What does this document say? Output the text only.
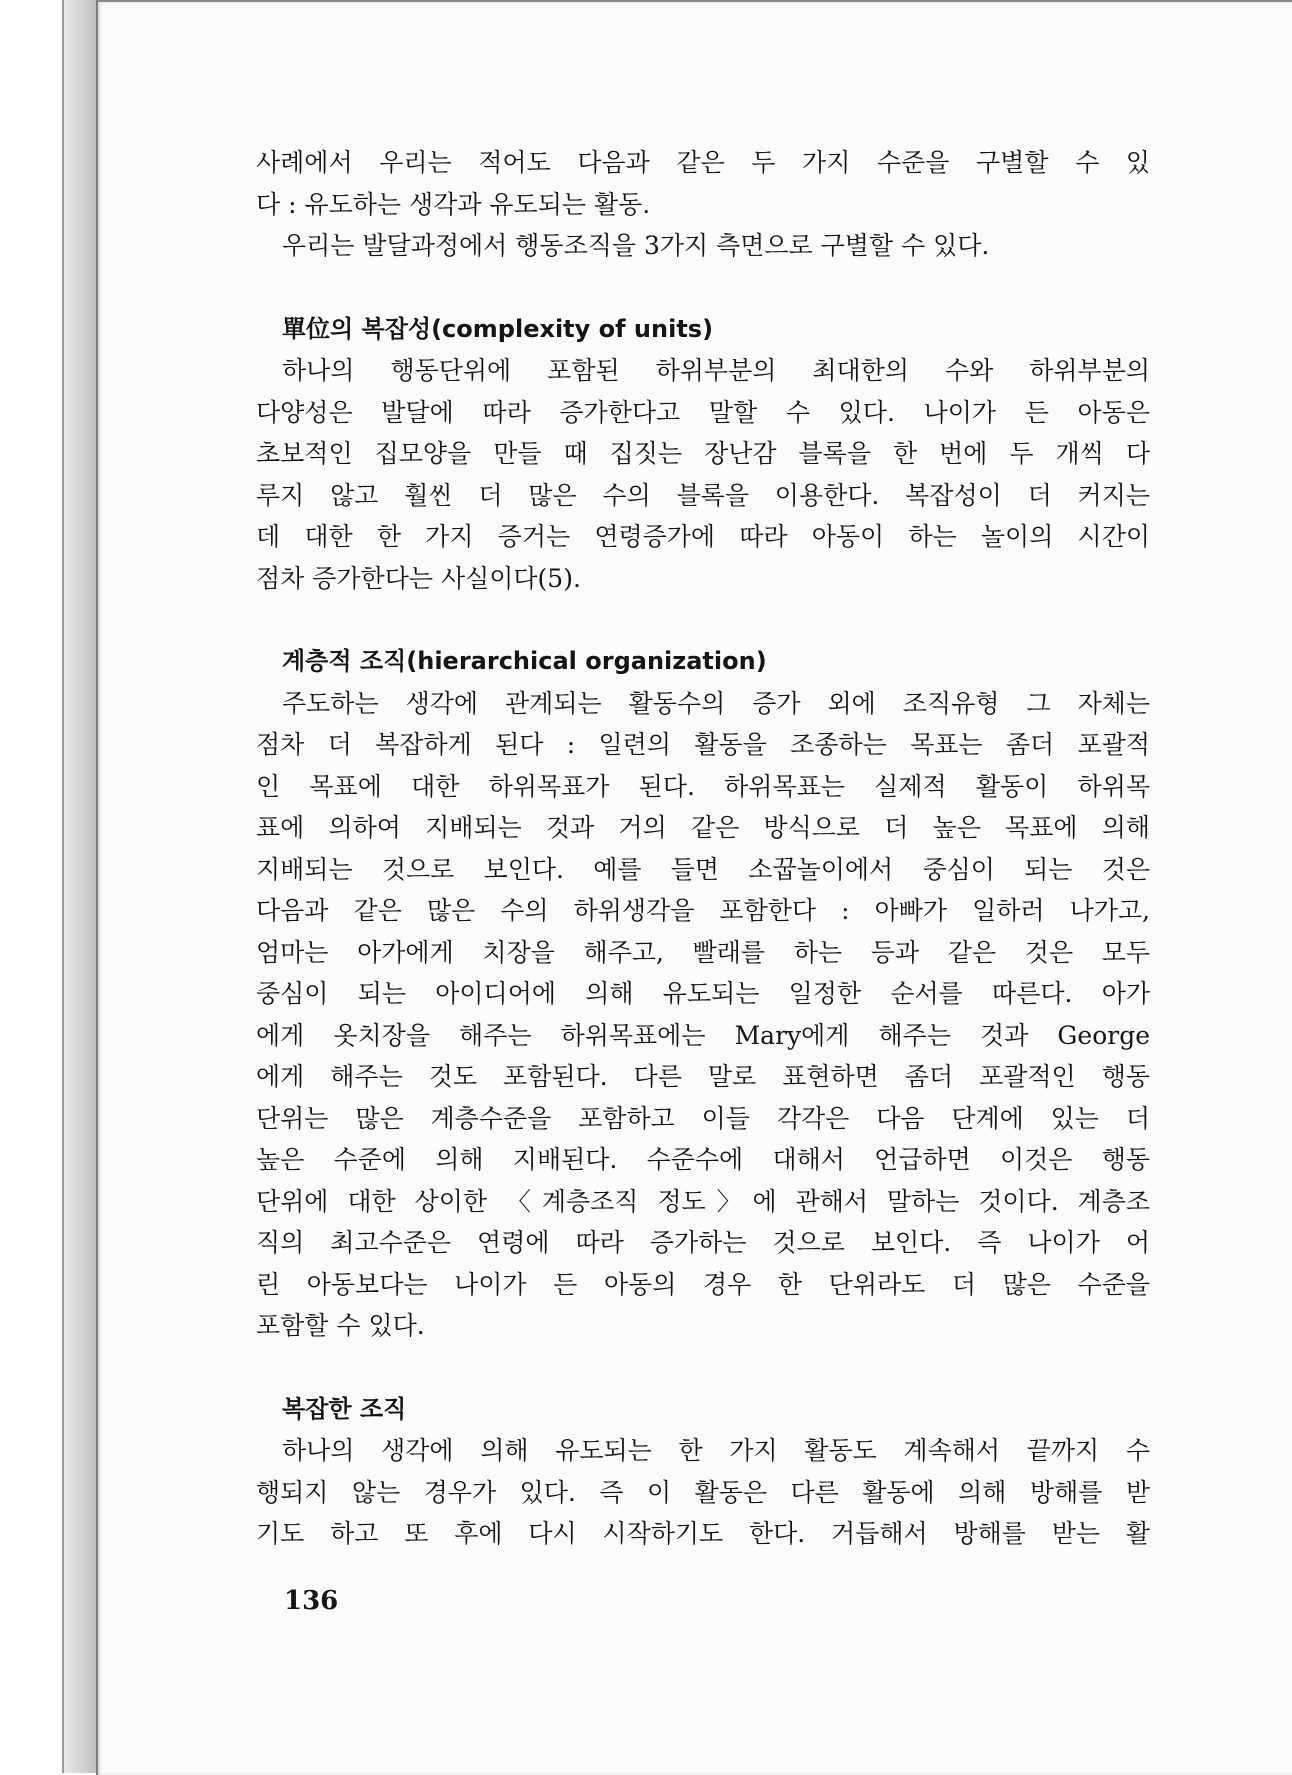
사례에서 우리는 적어도 다음과 같은 두 가지 수준을 구별할 수 있
다 : 유도하는 생각과 유도되는 활동.
우리는 발달과정에서 행동조직을 3가지 측면으로 구별할 수 있다.
單位의 복잡성(complexity of units)
하나의 행동단위에 포함된 하위부분의 최대한의 수와 하위부분의
다양성은 발달에 따라 증가한다고 말할 수 있다. 나이가 든 아동은
초보적인 집모양을 만들 때 집짓는 장난감 블록을 한 번에 두 개씩 다
루지 않고 훨씬 더 많은 수의 블록을 이용한다. 복잡성이 더 커지는
데 대한 한 가지 증거는 연령증가에 따라 아동이 하는 놀이의 시간이
점차 증가한다는 사실이다(5).
계층적 조직(hierarchical organization)
주도하는 생각에 관계되는 활동수의 증가 외에 조직유형 그 자체는
점차 더 복잡하게 된다 : 일련의 활동을 조종하는 목표는 좀더 포괄적
인 목표에 대한 하위목표가 된다. 하위목표는 실제적 활동이 하위목
표에 의하여 지배되는 것과 거의 같은 방식으로 더 높은 목표에 의해
지배되는 것으로 보인다. 예를 들면 소꿉놀이에서 중심이 되는 것은
다음과 같은 많은 수의 하위생각을 포함한다 : 아빠가 일하러 나가고,
엄마는 아가에게 치장을 해주고, 빨래를 하는 등과 같은 것은 모두
중심이 되는 아이디어에 의해 유도되는 일정한 순서를 따른다. 아가
에게 옷치장을 해주는 하위목표에는 Mary에게 해주는 것과 George
에게 해주는 것도 포함된다. 다른 말로 표현하면 좀더 포괄적인 행동
단위는 많은 계층수준을 포함하고 이들 각각은 다음 단계에 있는 더
높은 수준에 의해 지배된다. 수준수에 대해서 언급하면 이것은 행동
단위에 대한 상이한 〈계층조직 정도〉에 관해서 말하는 것이다. 계층조
직의 최고수준은 연령에 따라 증가하는 것으로 보인다. 즉 나이가 어
린 아동보다는 나이가 든 아동의 경우 한 단위라도 더 많은 수준을
포함할 수 있다.
복잡한 조직
하나의 생각에 의해 유도되는 한 가지 활동도 계속해서 끝까지 수
행되지 않는 경우가 있다. 즉 이 활동은 다른 활동에 의해 방해를 받
기도 하고 또 후에 다시 시작하기도 한다. 거듭해서 방해를 받는 활
136
